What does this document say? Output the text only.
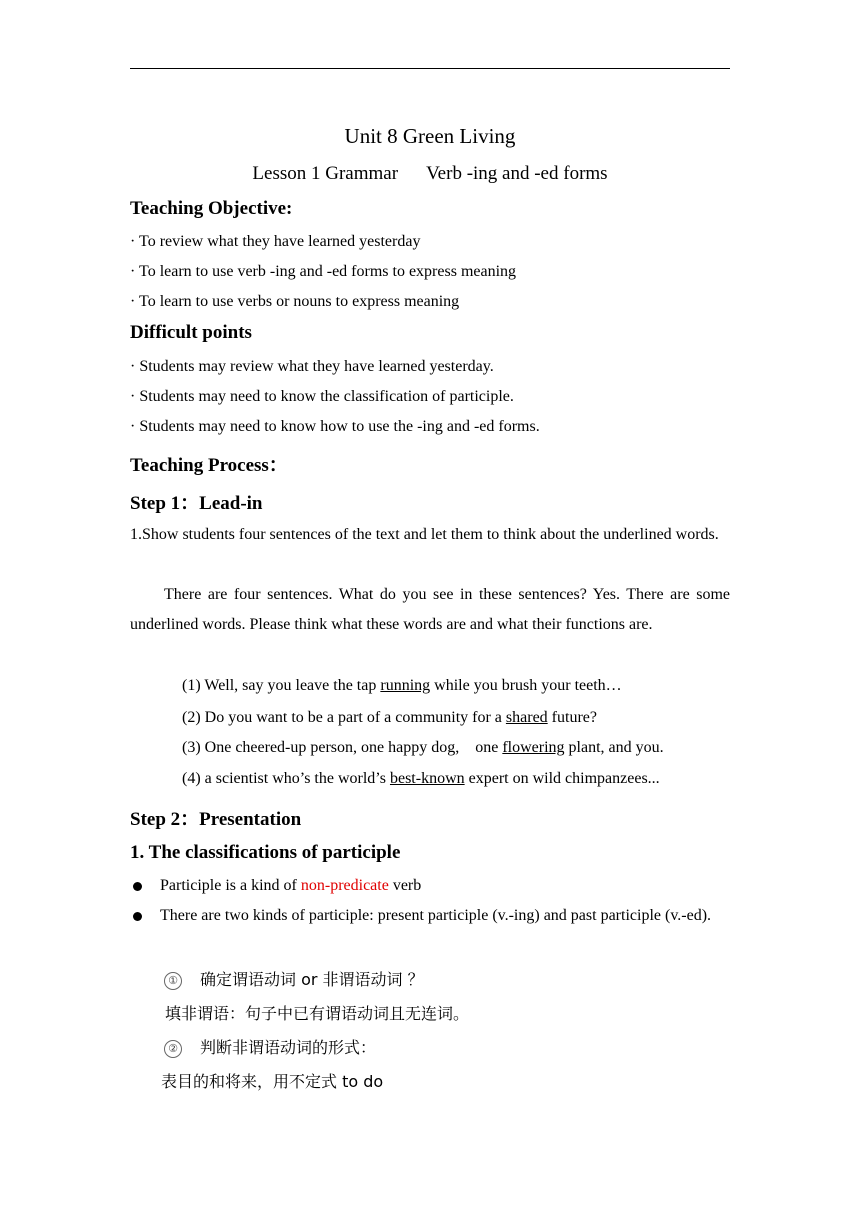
Unit 8 Green Living
Lesson 1 Grammar Verb -ing and -ed forms
Teaching Objective:
· To review what they have learned yesterday
· To learn to use verb -ing and -ed forms to express meaning
· To learn to use verbs or nouns to express meaning
Difficult points
· Students may review what they have learned yesterday.
· Students may need to know the classification of participle.
· Students may need to know how to use the -ing and -ed forms.
Teaching Process：
Step 1：Lead-in
1.Show students four sentences of the text and let them to think about the underlined words.
There are four sentences. What do you see in these sentences? Yes. There are some underlined words. Please think what these words are and what their functions are.
(1) Well, say you leave the tap running while you brush your teeth…
(2) Do you want to be a part of a community for a shared future?
(3) One cheered-up person, one happy dog,    one flowering plant, and you.
(4) a scientist who’s the world’s best-known expert on wild chimpanzees...
Step 2：Presentation
1. The classifications of participle
Participle is a kind of non-predicate verb
There are two kinds of participle: present participle (v.-ing) and past participle (v.-ed).
① 确定谓语动词 or 非谓语动词 ？
填非谓语：句子中已有谓语动词且无连词。
② 判断非谓语动词的形式：
表目的和将来，用不定式 to do
